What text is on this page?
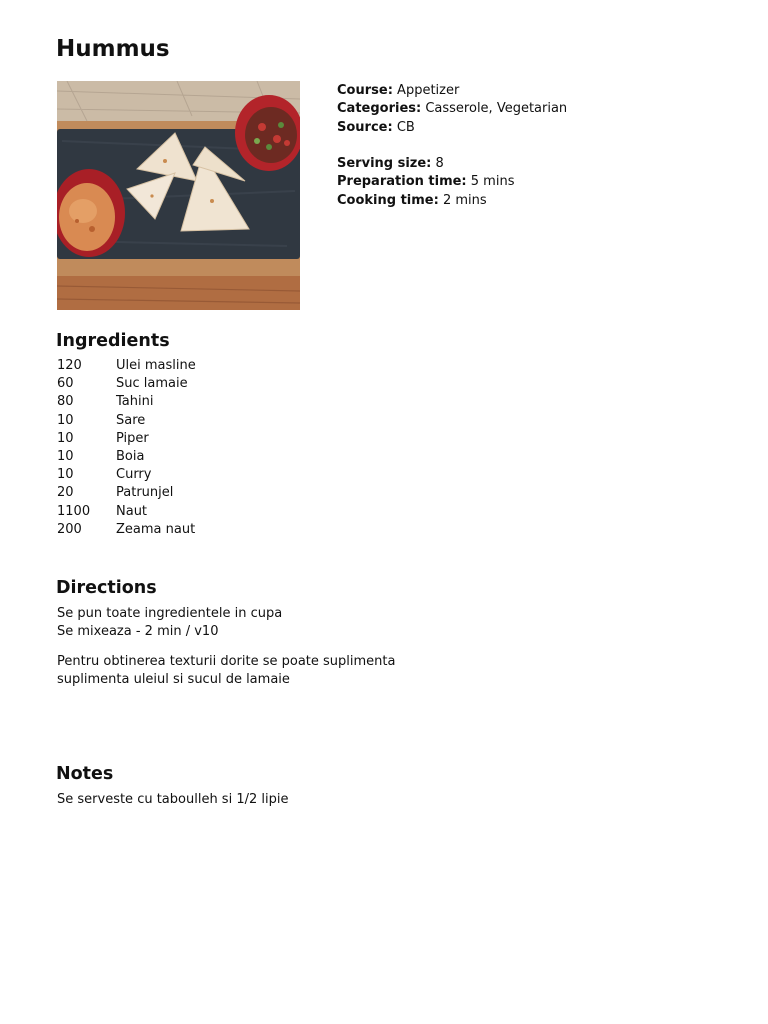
Hummus
Course: Appetizer
Categories: Casserole, Vegetarian
Source: CB
Serving size: 8
Preparation time: 5 mins
Cooking time: 2 mins
Ingredients
120	Ulei masline
60	Suc lamaie
80	Tahini
10	Sare
10	Piper
10	Boia
10	Curry
20	Patrunjel
1100	Naut
200	Zeama naut
Directions

Se pun toate ingredientele in cupa

Se mixeaza - 2 min / v10

Pentru obtinerea texturii dorite se poate suplimenta

suplimenta uleiul si sucul de lamaie

Notes

Se serveste cu taboulleh si 1/2 lipie
